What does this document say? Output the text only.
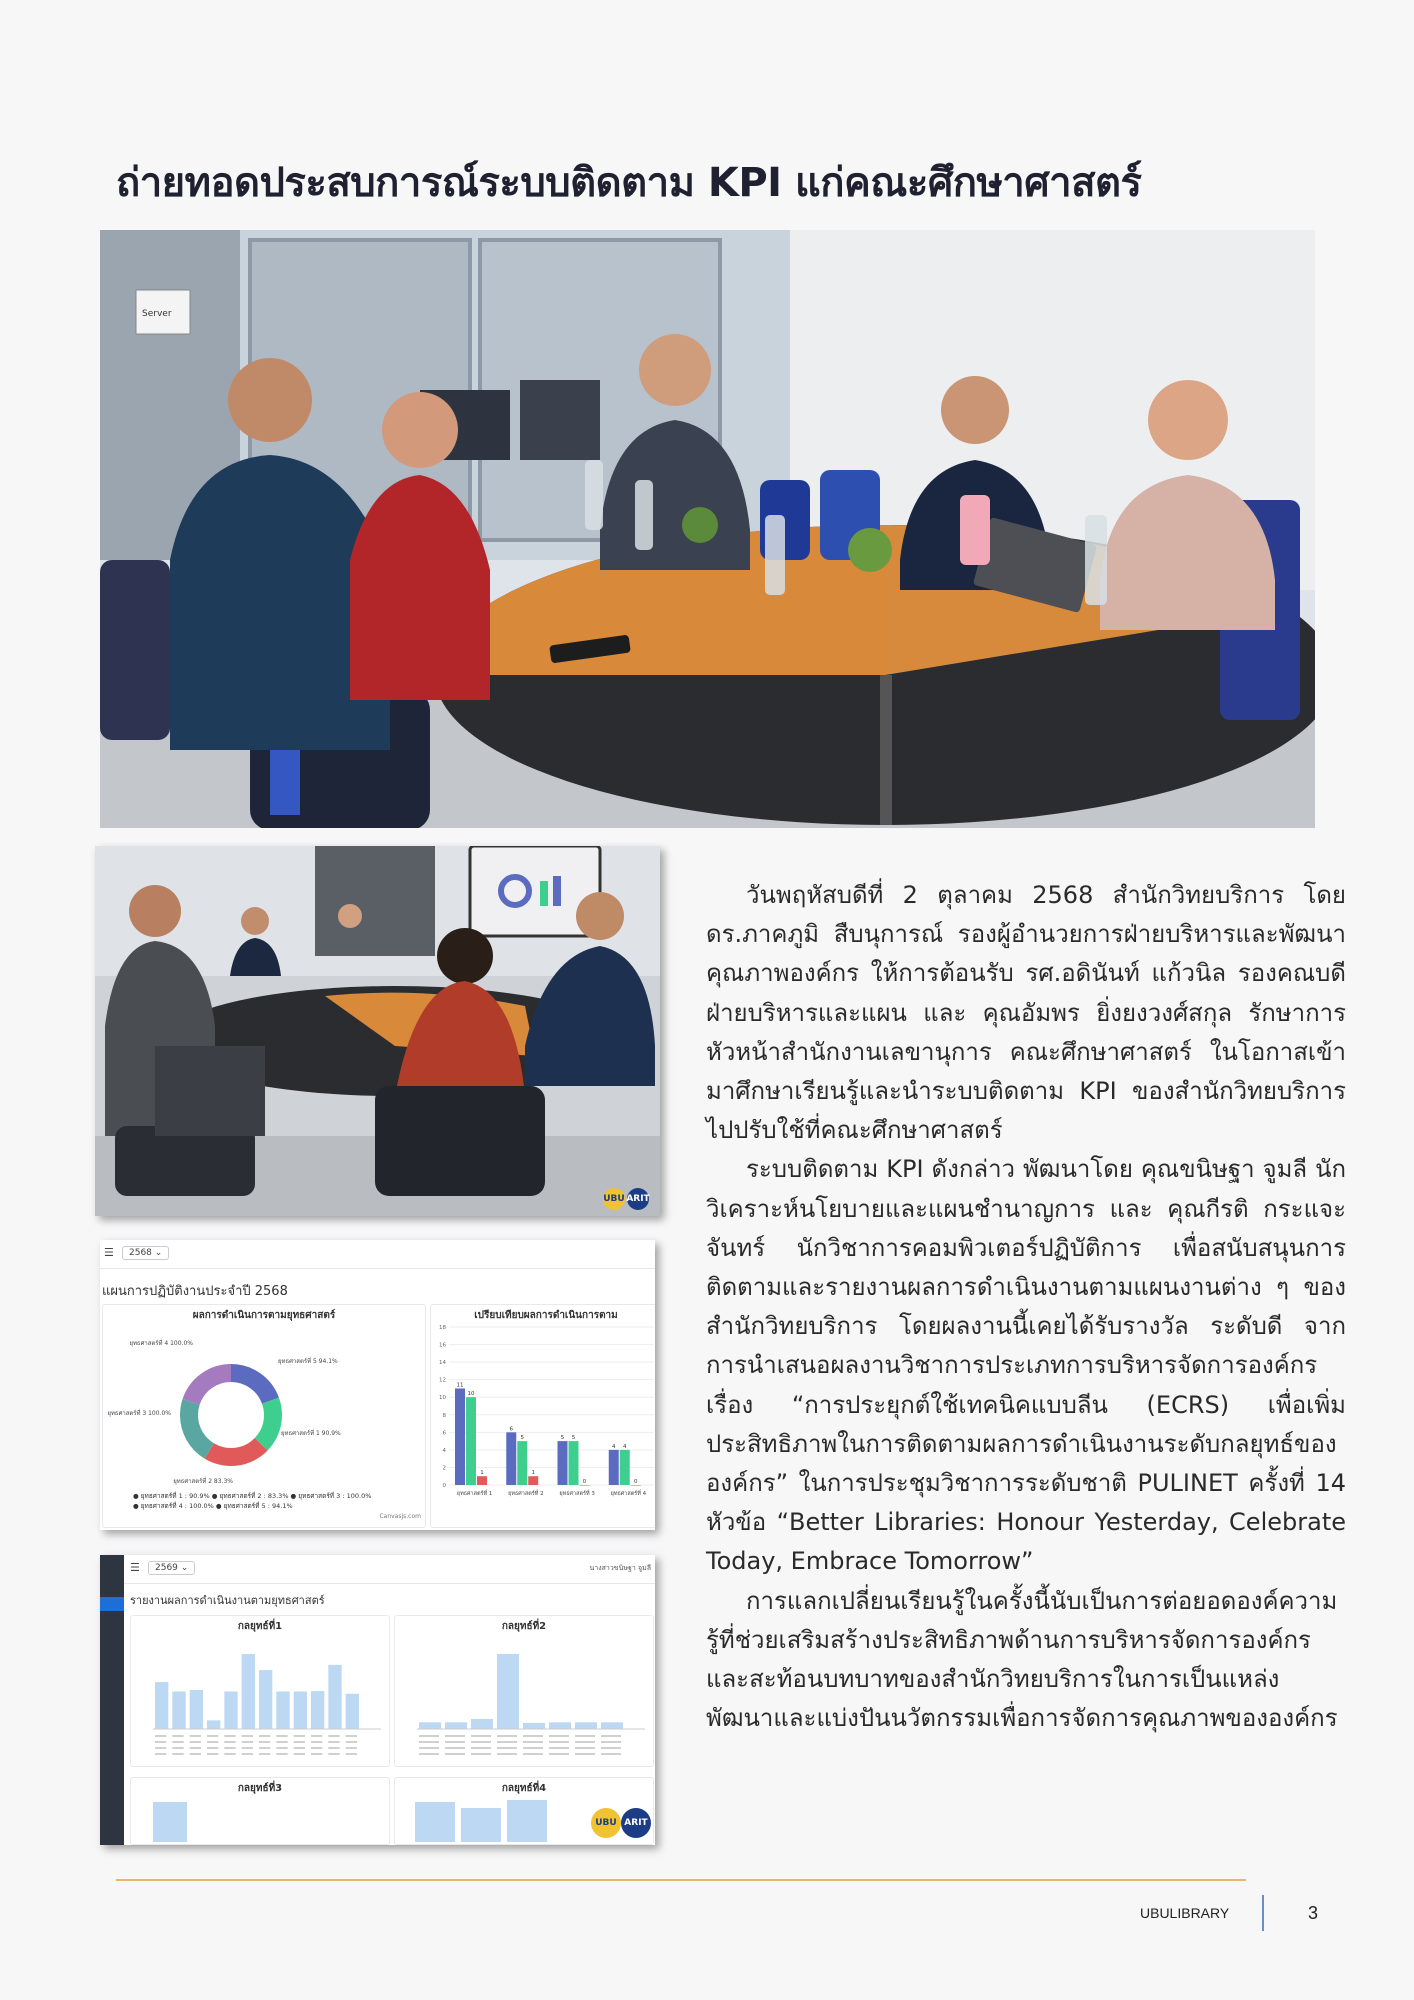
ถ่ายทอดประสบการณ์ระบบติดตาม KPI แก่คณะศึกษาศาสตร์
Server
UBU ARIT
☰	2568 ⌄
แผนการปฏิบัติงานประจำปี 2568
ผลการดำเนินการตามยุทธศาสตร์
ยุทธศาสตร์ที่ 4 100.0%
ยุทธศาสตร์ที่ 5 94.1%
ยุทธศาสตร์ที่ 3 100.0%
ยุทธศาสตร์ที่ 1 90.9%
ยุทธศาสตร์ที่ 2 83.3%
● ยุทธศาสตร์ที่ 1 : 90.9% ● ยุทธศาสตร์ที่ 2 : 83.3% ● ยุทธศาสตร์ที่ 3 : 100.0%
● ยุทธศาสตร์ที่ 4 : 100.0% ● ยุทธศาสตร์ที่ 5 : 94.1%
Canvasjs.com
เปรียบเทียบผลการดำเนินการตาม
0
2
4
6
8
10
12
14
16
18
11
10
1
ยุทธศาสตร์ที่ 1
6
5
1
ยุทธศาสตร์ที่ 2
5 5
0
ยุทธศาสตร์ที่ 3
4 4
0
ยุทธศาสตร์ที่ 4
☰	2569 ⌄	นางสาวขนิษฐา จูมลี
รายงานผลการดำเนินงานตามยุทธศาสตร์
กลยุทธ์ที่1	กลยุทธ์ที่2
กลยุทธ์ที่3	กลยุทธ์ที่4
UBU ARIT

วันพฤหัสบดีที่ 2 ตุลาคม 2568 สำนักวิทยบริการ โดย ดร.ภาคภูมิ สืบนุการณ์ รองผู้อำนวยการฝ่ายบริหารและพัฒนาคุณภาพองค์กร ให้การต้อนรับ รศ.อดินันท์ แก้วนิล รองคณบดีฝ่ายบริหารและแผน และ คุณอัมพร ยิ่งยงวงศ์สกุล รักษาการหัวหน้าสำนักงานเลขานุการ คณะศึกษาศาสตร์ ในโอกาสเข้ามาศึกษาเรียนรู้และนำระบบติดตาม KPI ของสำนักวิทยบริการไปปรับใช้ที่คณะศึกษาศาสตร์

ระบบติดตาม KPI ดังกล่าว พัฒนาโดย คุณขนิษฐา จูมลี นักวิเคราะห์นโยบายและแผนชำนาญการ และ คุณกีรติ กระแจะจันทร์ นักวิชาการคอมพิวเตอร์ปฏิบัติการ เพื่อสนับสนุนการติดตามและรายงานผลการดำเนินงานตามแผนงานต่าง ๆ ของสำนักวิทยบริการ โดยผลงานนี้เคยได้รับรางวัล ระดับดี จากการนำเสนอผลงานวิชาการประเภทการบริหารจัดการองค์กร เรื่อง “การประยุกต์ใช้เทคนิคแบบลีน (ECRS) เพื่อเพิ่มประสิทธิภาพในการติดตามผลการดำเนินงานระดับกลยุทธ์ขององค์กร” ในการประชุมวิชาการระดับชาติ PULINET ครั้งที่ 14 หัวข้อ “Better Libraries: Honour Yesterday, Celebrate Today, Embrace Tomorrow”

การแลกเปลี่ยนเรียนรู้ในครั้งนี้นับเป็นการต่อยอดองค์ความรู้ที่ช่วยเสริมสร้างประสิทธิภาพด้านการบริหารจัดการองค์กร และสะท้อนบทบาทของสำนักวิทยบริการในการเป็นแหล่งพัฒนาและแบ่งปันนวัตกรรมเพื่อการจัดการคุณภาพขององค์กร

UBULIBRARY	3
